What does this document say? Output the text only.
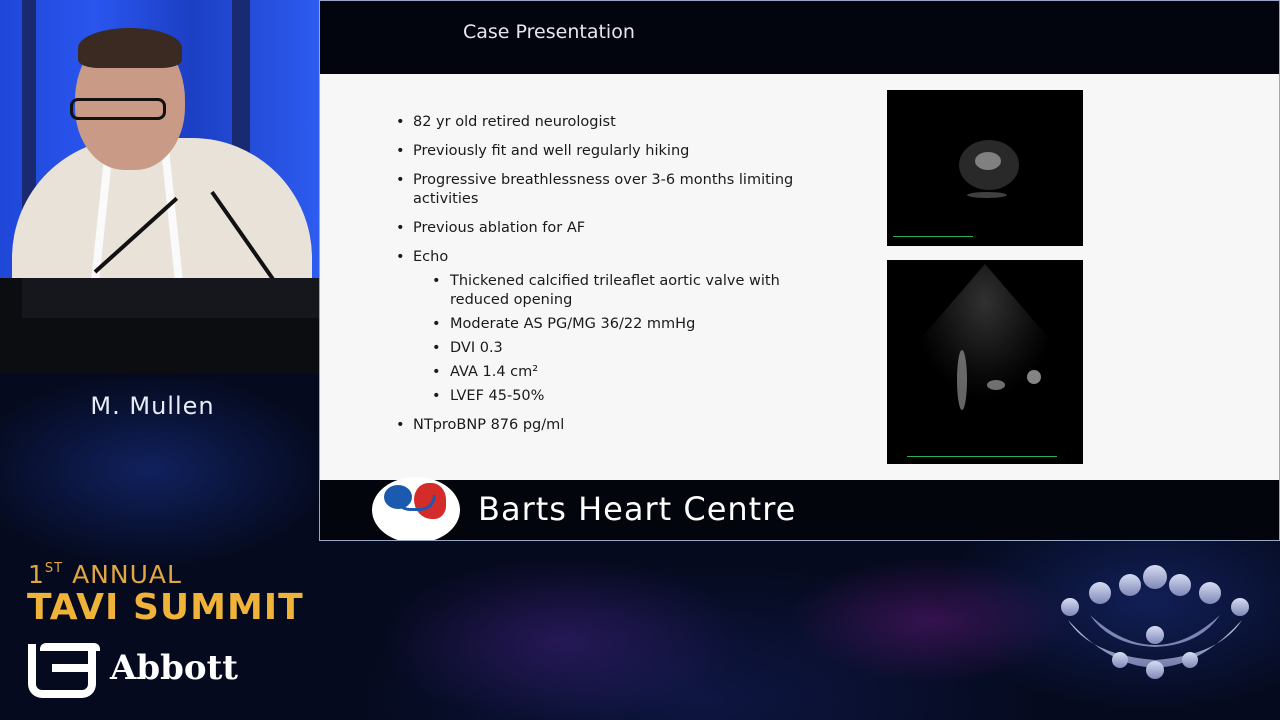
M. Mullen
Case Presentation
• 82 yr old retired neurologist
• Previously fit and well regularly hiking
• Progressive breathlessness over 3-6 months limiting activities
• Previous ablation for AF
• Echo
• Thickened calcified trileaflet aortic valve with reduced opening
• Moderate AS PG/MG 36/22 mmHg
• DVI 0.3
• AVA 1.4 cm²
• LVEF 45-50%
• NTproBNP 876 pg/ml
Barts Heart Centre
1ST ANNUAL
TAVI SUMMIT
Abbott
